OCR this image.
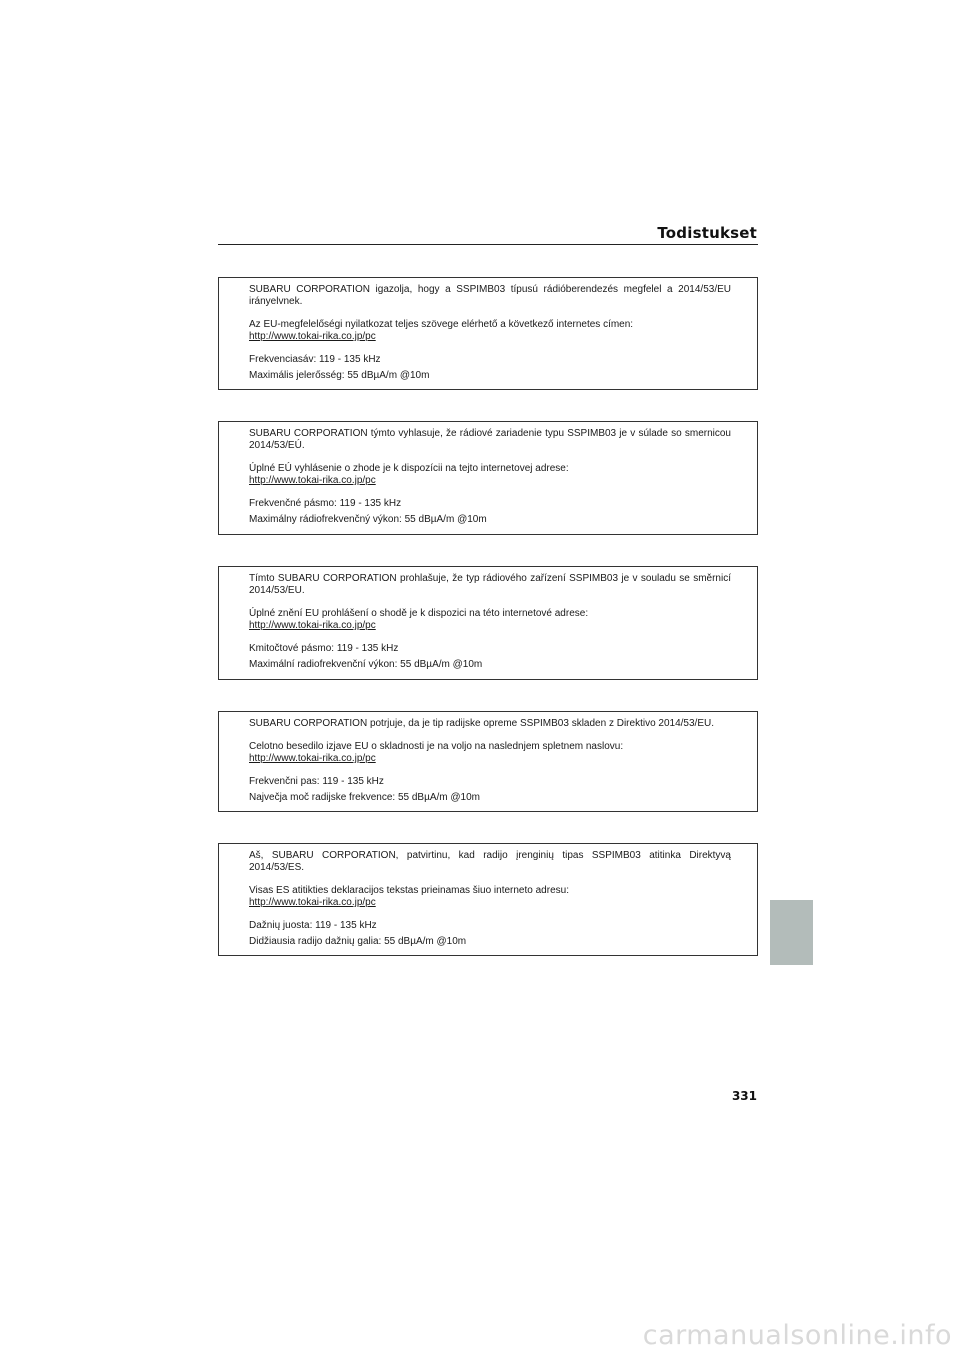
Todistukset

SUBARU CORPORATION igazolja, hogy a SSPIMB03 típusú rádióberendezés megfelel a 2014/53/EU irányelvnek.

Az EU-megfelelőségi nyilatkozat teljes szövege elérhető a következő internetes címen:

http://www.tokai-rika.co.jp/pc

Frekvenciasáv: 119 - 135 kHz

Maximális jelerősség: 55 dBµA/m @10m

SUBARU CORPORATION týmto vyhlasuje, že rádiové zariadenie typu SSPIMB03 je v súlade so smernicou 2014/53/EÚ.

Úplné EÚ vyhlásenie o zhode je k dispozícii na tejto internetovej adrese:

http://www.tokai-rika.co.jp/pc

Frekvenčné pásmo: 119 - 135 kHz

Maximálny rádiofrekvenčný výkon: 55 dBµA/m @10m

Tímto SUBARU CORPORATION prohlašuje, že typ rádiového zařízení SSPIMB03 je v souladu se směrnicí 2014/53/EU.

Úplné znění EU prohlášení o shodě je k dispozici na této internetové adrese:

http://www.tokai-rika.co.jp/pc

Kmitočtové pásmo: 119 - 135 kHz

Maximální radiofrekvenční výkon: 55 dBµA/m @10m

SUBARU CORPORATION potrjuje, da je tip radijske opreme SSPIMB03 skladen z Direktivo 2014/53/EU.

Celotno besedilo izjave EU o skladnosti je na voljo na naslednjem spletnem naslovu:

http://www.tokai-rika.co.jp/pc

Frekvenčni pas: 119 - 135 kHz

Največja moč radijske frekvence: 55 dBµA/m @10m

Aš, SUBARU CORPORATION, patvirtinu, kad radijo įrenginių tipas SSPIMB03 atitinka Direktyvą 2014/53/ES.

Visas ES atitikties deklaracijos tekstas prieinamas šiuo interneto adresu:

http://www.tokai-rika.co.jp/pc

Dažnių juosta: 119 - 135 kHz

Didžiausia radijo dažnių galia: 55 dBµA/m @10m

331
carmanualsonline.info
